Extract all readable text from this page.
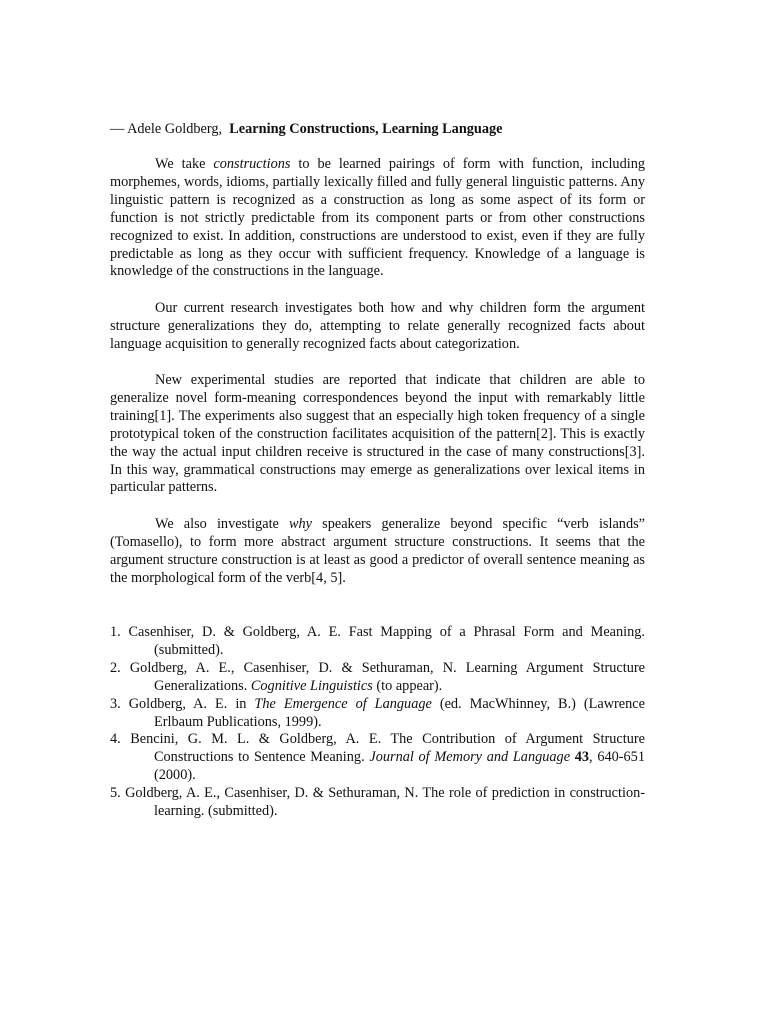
— Adele Goldberg, Learning Constructions, Learning Language

We take constructions to be learned pairings of form with function, including morphemes, words, idioms, partially lexically filled and fully general linguistic patterns. Any linguistic pattern is recognized as a construction as long as some aspect of its form or function is not strictly predictable from its component parts or from other constructions recognized to exist. In addition, constructions are understood to exist, even if they are fully predictable as long as they occur with sufficient frequency. Knowledge of a language is knowledge of the constructions in the language.

Our current research investigates both how and why children form the argument structure generalizations they do, attempting to relate generally recognized facts about language acquisition to generally recognized facts about categorization.

New experimental studies are reported that indicate that children are able to generalize novel form-meaning correspondences beyond the input with remarkably little training[1]. The experiments also suggest that an especially high token frequency of a single prototypical token of the construction facilitates acquisition of the pattern[2]. This is exactly the way the actual input children receive is structured in the case of many constructions[3]. In this way, grammatical constructions may emerge as generalizations over lexical items in particular patterns.

We also investigate why speakers generalize beyond specific “verb islands” (Tomasello), to form more abstract argument structure constructions. It seems that the argument structure construction is at least as good a predictor of overall sentence meaning as the morphological form of the verb[4, 5].

1. Casenhiser, D. & Goldberg, A. E. Fast Mapping of a Phrasal Form and Meaning. (submitted).
2. Goldberg, A. E., Casenhiser, D. & Sethuraman, N. Learning Argument Structure Generalizations. Cognitive Linguistics (to appear).
3. Goldberg, A. E. in The Emergence of Language (ed. MacWhinney, B.) (Lawrence Erlbaum Publications, 1999).
4. Bencini, G. M. L. & Goldberg, A. E. The Contribution of Argument Structure Constructions to Sentence Meaning. Journal of Memory and Language 43, 640-651 (2000).
5. Goldberg, A. E., Casenhiser, D. & Sethuraman, N. The role of prediction in construction-learning. (submitted).
